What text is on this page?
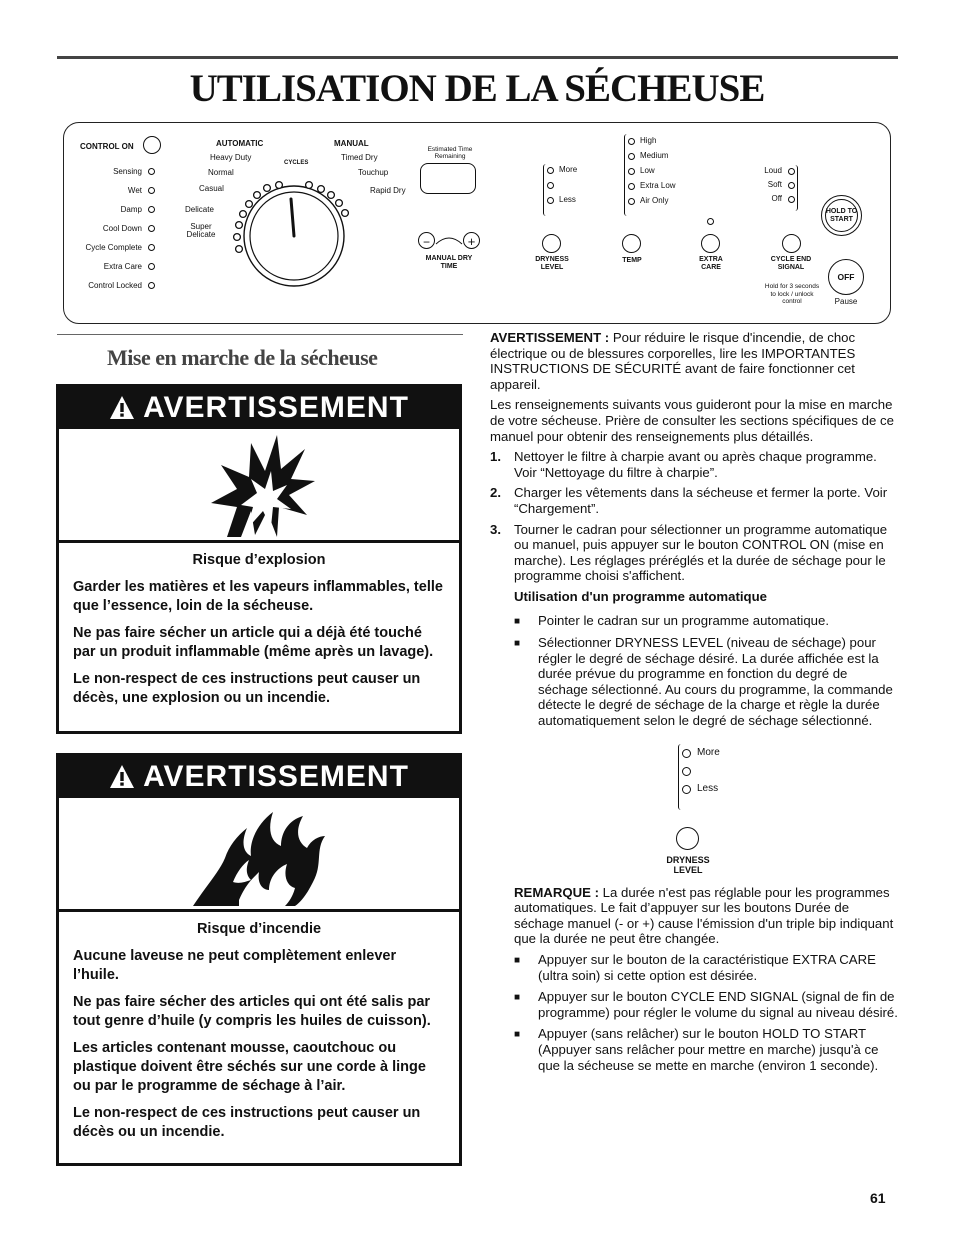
UTILISATION DE LA SÉCHEUSE
CONTROL ON
Sensing
Wet
Damp
Cool Down
Cycle Complete
Extra Care
Control Locked
AUTOMATIC	MANUAL
CYCLES
Heavy Duty
Normal
Casual
Delicate
Super Delicate
Timed Dry
Touchup
Rapid Dry
Estimated Time Remaining
−	+
MANUAL DRY TIME
More
Less
DRYNESS LEVEL
High
Medium
Low
Extra Low
Air Only
TEMP	EXTRA CARE
Loud
Soft
Off
CYCLE END SIGNAL
Hold for 3 seconds to lock / unlock control
HOLD TO START
OFF
Pause
Mise en marche de la sécheuse
AVERTISSEMENT

Risque d’explosion

Garder les matières et les vapeurs inflammables, telle que l’essence, loin de la sécheuse.

Ne pas faire sécher un article qui a déjà été touché par un produit inflammable (même après un lavage).

Le non-respect de ces instructions peut causer un décès, une explosion ou un incendie.

AVERTISSEMENT

Risque d’incendie

Aucune laveuse ne peut complètement enlever l’huile.

Ne pas faire sécher des articles qui ont été salis par tout genre d’huile (y compris les huiles de cuisson).

Les articles contenant mousse, caoutchouc ou plastique doivent être séchés sur une corde à linge ou par le programme de séchage à l’air.

Le non-respect de ces instructions peut causer un décès ou un incendie.

AVERTISSEMENT : Pour réduire le risque d'incendie, de choc électrique ou de blessures corporelles, lire les IMPORTANTES INSTRUCTIONS DE SÉCURITÉ avant de faire fonctionner cet appareil.

Les renseignements suivants vous guideront pour la mise en marche de votre sécheuse. Prière de consulter les sections spécifiques de ce manuel pour obtenir des renseignements plus détaillés.

1. Nettoyer le filtre à charpie avant ou après chaque programme. Voir “Nettoyage du filtre à charpie”.
2. Charger les vêtements dans la sécheuse et fermer la porte. Voir “Chargement”.
3. Tourner le cadran pour sélectionner un programme automatique ou manuel, puis appuyer sur le bouton CONTROL ON (mise en marche). Les réglages préréglés et la durée de séchage pour le programme choisi s'affichent.
Utilisation d'un programme automatique
■	Pointer le cadran sur un programme automatique.
■	Sélectionner DRYNESS LEVEL (niveau de séchage) pour régler le degré de séchage désiré. La durée affichée est la durée prévue du programme en fonction du degré de séchage sélectionné. Au cours du programme, la commande détecte le degré de séchage de la charge et règle la durée automatiquement selon le degré de séchage sélectionné.
More
Less
DRYNESS LEVEL

REMARQUE : La durée n'est pas réglable pour les programmes automatiques. Le fait d’appuyer sur les boutons Durée de séchage manuel (- or +) cause l'émission d'un triple bip indiquant que la durée ne peut être changée.

■	Appuyer sur le bouton de la caractéristique EXTRA CARE (ultra soin) si cette option est désirée.
■	Appuyer sur le bouton CYCLE END SIGNAL (signal de fin de programme) pour régler le volume du signal au niveau désiré.
■	Appuyer (sans relâcher) sur le bouton HOLD TO START (Appuyer sans relâcher pour mettre en marche) jusqu'à ce que la sécheuse se mette en marche (environ 1 seconde).
61
